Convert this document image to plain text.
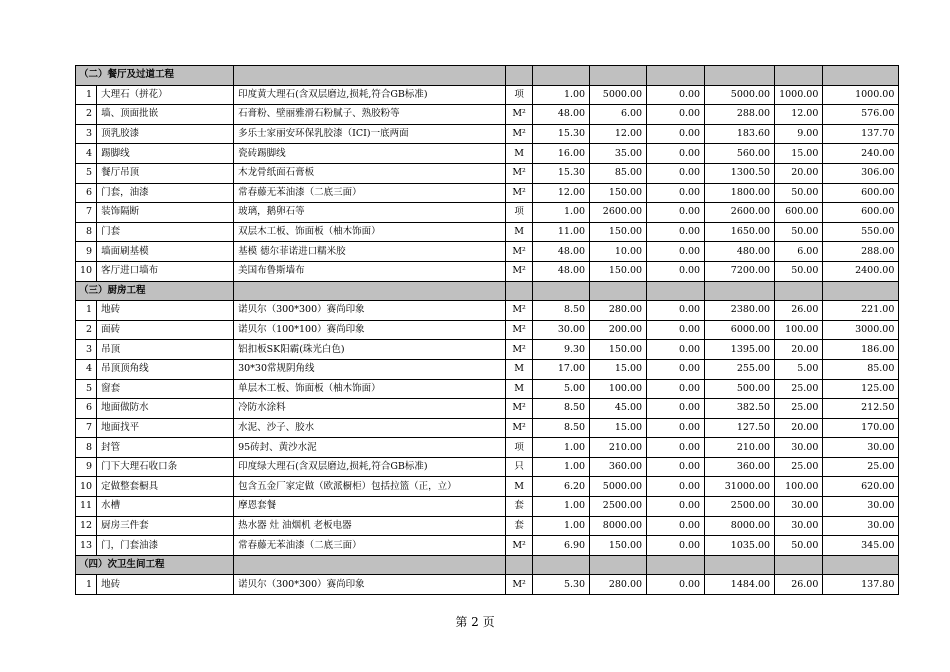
（二）餐厅及过道工程									
1	大理石（拼花）	印度黄大理石(含双层磨边,损耗,符合GB标准)	项	1.00	5000.00	0.00	5000.00	1000.00	1000.00
2	墙、顶面批嵌	石膏粉、壁丽雅滑石粉腻子、熟胶粉等	M²	48.00	6.00	0.00	288.00	12.00	576.00
3	顶乳胶漆	多乐士家丽安环保乳胶漆（ICI)一底两面	M²	15.30	12.00	0.00	183.60	9.00	137.70
4	踢脚线	瓷砖踢脚线	M	16.00	35.00	0.00	560.00	15.00	240.00
5	餐厅吊顶	木龙骨纸面石膏板	M²	15.30	85.00	0.00	1300.50	20.00	306.00
6	门套，油漆	常春藤无苯油漆（二底三面）	M²	12.00	150.00	0.00	1800.00	50.00	600.00
7	装饰隔断	玻璃，鹅卵石等	项	1.00	2600.00	0.00	2600.00	600.00	600.00
8	门套	双层木工板、饰面板（柚木饰面）	M	11.00	150.00	0.00	1650.00	50.00	550.00
9	墙面刷基模	基模 德尔菲诺进口糯米胶	M²	48.00	10.00	0.00	480.00	6.00	288.00
10	客厅进口墙布	美国布鲁斯墙布	M²	48.00	150.00	0.00	7200.00	50.00	2400.00
（三）厨房工程									
1	地砖	诺贝尔（300*300）赛尚印象	M²	8.50	280.00	0.00	2380.00	26.00	221.00
2	面砖	诺贝尔（100*100）赛尚印象	M²	30.00	200.00	0.00	6000.00	100.00	3000.00
3	吊顶	铝扣板SK阳霸(珠光白色)	M²	9.30	150.00	0.00	1395.00	20.00	186.00
4	吊顶顶角线	30*30常规阴角线	M	17.00	15.00	0.00	255.00	5.00	85.00
5	窗套	单层木工板、饰面板（柚木饰面）	M	5.00	100.00	0.00	500.00	25.00	125.00
6	地面做防水	冷防水涂料	M²	8.50	45.00	0.00	382.50	25.00	212.50
7	地面找平	水泥、沙子、胶水	M²	8.50	15.00	0.00	127.50	20.00	170.00
8	封管	95砖封、黄沙水泥	项	1.00	210.00	0.00	210.00	30.00	30.00
9	门下大理石收口条	印度绿大理石(含双层磨边,损耗,符合GB标准)	只	1.00	360.00	0.00	360.00	25.00	25.00
10	定做整套橱具	包含五金厂家定做（欧派橱柜）包括拉篮（正，立）	M	6.20	5000.00	0.00	31000.00	100.00	620.00
11	水槽	摩恩套餐	套	1.00	2500.00	0.00	2500.00	30.00	30.00
12	厨房三件套	热水器 灶 油烟机 老板电器	套	1.00	8000.00	0.00	8000.00	30.00	30.00
13	门，门套油漆	常春藤无苯油漆（二底三面）	M²	6.90	150.00	0.00	1035.00	50.00	345.00
（四）次卫生间工程									
1	地砖	诺贝尔（300*300）赛尚印象	M²	5.30	280.00	0.00	1484.00	26.00	137.80
第 2 页
